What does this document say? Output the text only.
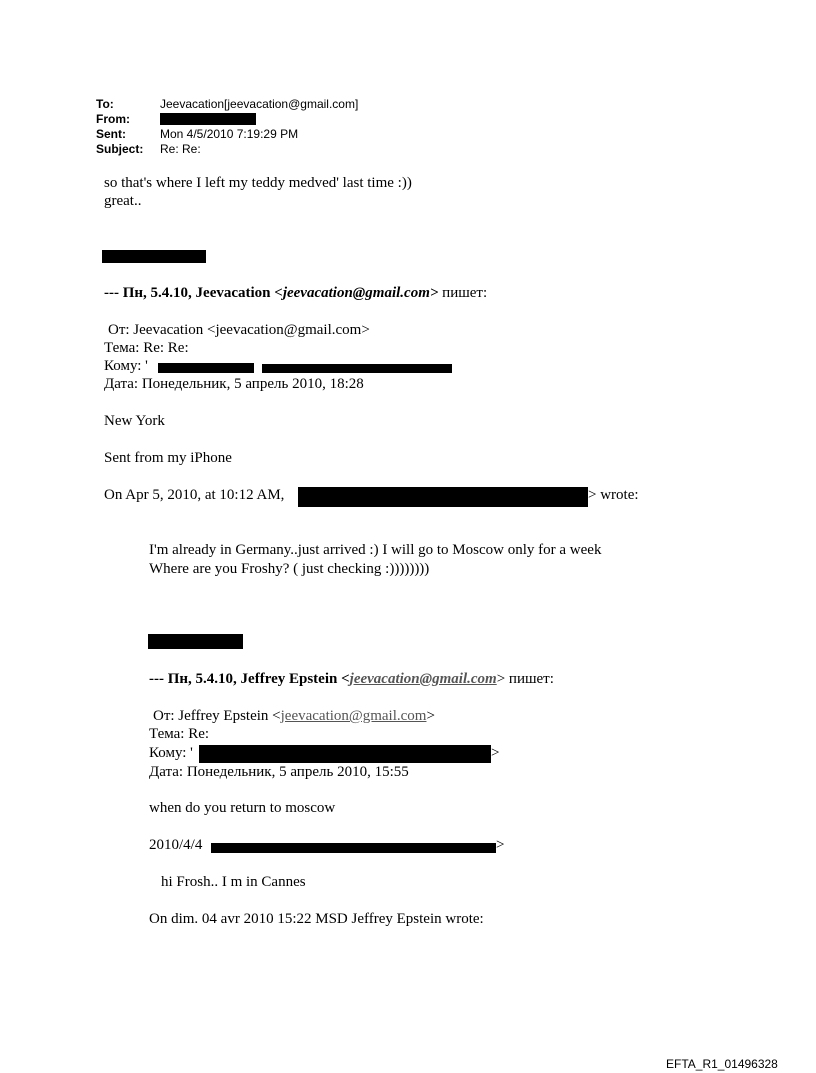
To:	Jeevacation[jeevacation@gmail.com]
From:
Sent:	Mon 4/5/2010 7:19:29 PM
Subject: Re: Re:
so that's where I left my teddy medved' last time :))
great..
--- Пн, 5.4.10, Jeevacation <jeevacation@gmail.com> пишет:
От: Jeevacation <jeevacation@gmail.com>
Тема: Re: Re:
Кому: '
Дата: Понедельник, 5 апрель 2010, 18:28
New York
Sent from my iPhone
On Apr 5, 2010, at 10:12 AM,	> wrote:
I'm already in Germany..just arrived :) I will go to Moscow only for a week
Where are you Froshy? ( just checking :))))))))
--- Пн, 5.4.10, Jeffrey Epstein <jeevacation@gmail.com> пишет:
От: Jeffrey Epstein <jeevacation@gmail.com>
Тема: Re:
Кому: '	>
Дата: Понедельник, 5 апрель 2010, 15:55
when do you return to moscow
2010/4/4	>
hi Frosh.. I m in Cannes
On dim. 04 avr 2010 15:22 MSD Jeffrey Epstein wrote:
EFTA_R1_01496328
